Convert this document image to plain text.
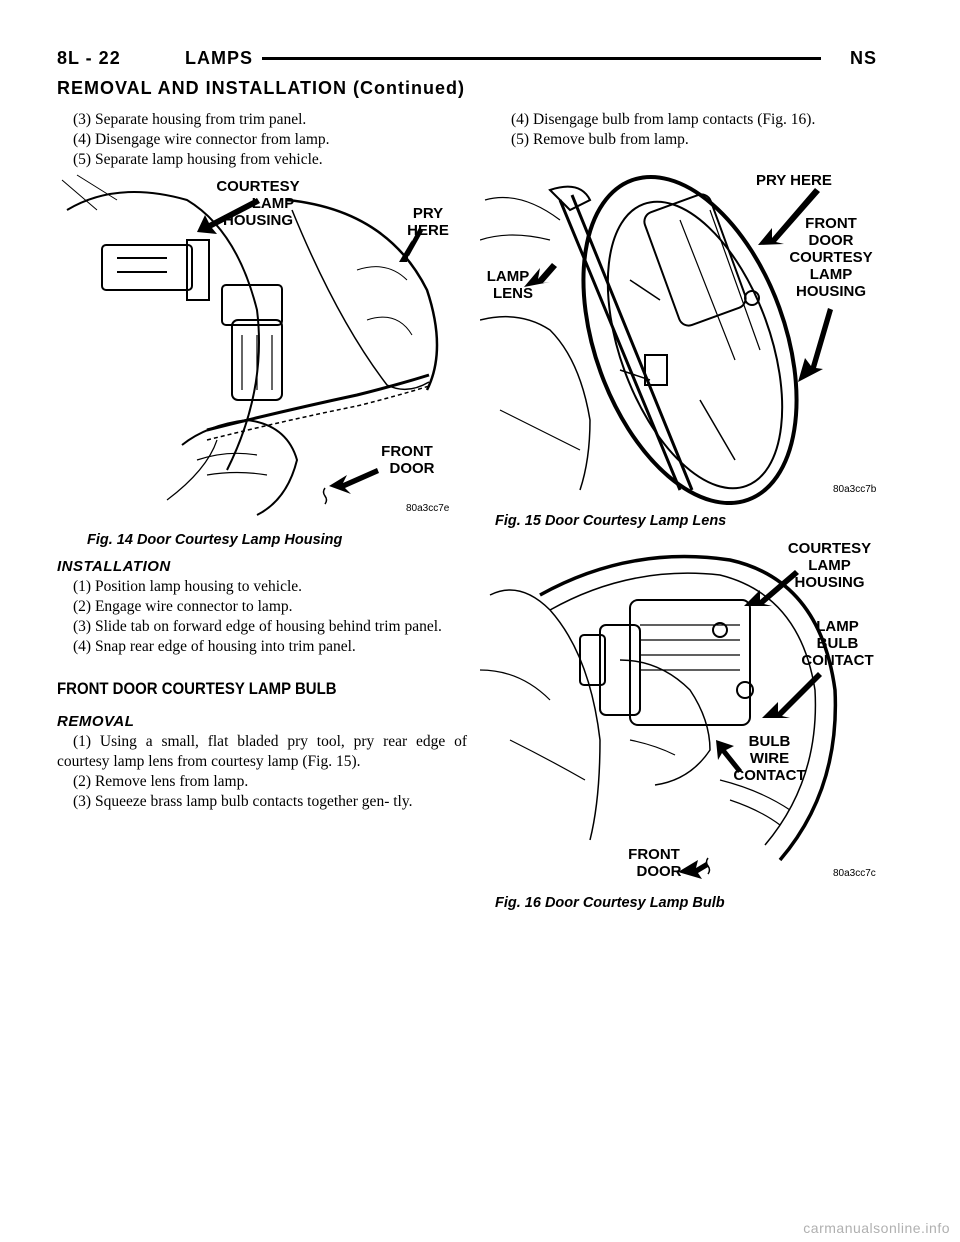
8L - 22	LAMPS	NS
REMOVAL AND INSTALLATION (Continued)

(3) Separate housing from trim panel.

(4) Disengage wire connector from lamp.

(5) Separate lamp housing from vehicle.

COURTESY
LAMP
HOUSING	PRY
HERE
FRONT
DOOR
80a3cc7e
Fig. 14 Door Courtesy Lamp Housing
INSTALLATION

(1) Position lamp housing to vehicle.

(2) Engage wire connector to lamp.

(3) Slide tab on forward edge of housing behind trim panel.

(4) Snap rear edge of housing into trim panel.

FRONT DOOR COURTESY LAMP BULB
REMOVAL

(1) Using a small, flat bladed pry tool, pry rear edge of courtesy lamp lens from courtesy lamp (Fig. 15).

(2) Remove lens from lamp.

(3) Squeeze brass lamp bulb contacts together gen- tly.

(4) Disengage bulb from lamp contacts (Fig. 16).

(5) Remove bulb from lamp.

PRY HERE
FRONT
DOOR
COURTESY
LAMP
HOUSING
LAMP
LENS
80a3cc7b
Fig. 15 Door Courtesy Lamp Lens
COURTESY
LAMP
HOUSING
LAMP
BULB
CONTACT
BULB
WIRE
CONTACT
FRONT
DOOR	80a3cc7c
Fig. 16 Door Courtesy Lamp Bulb
carmanualsonline.info
